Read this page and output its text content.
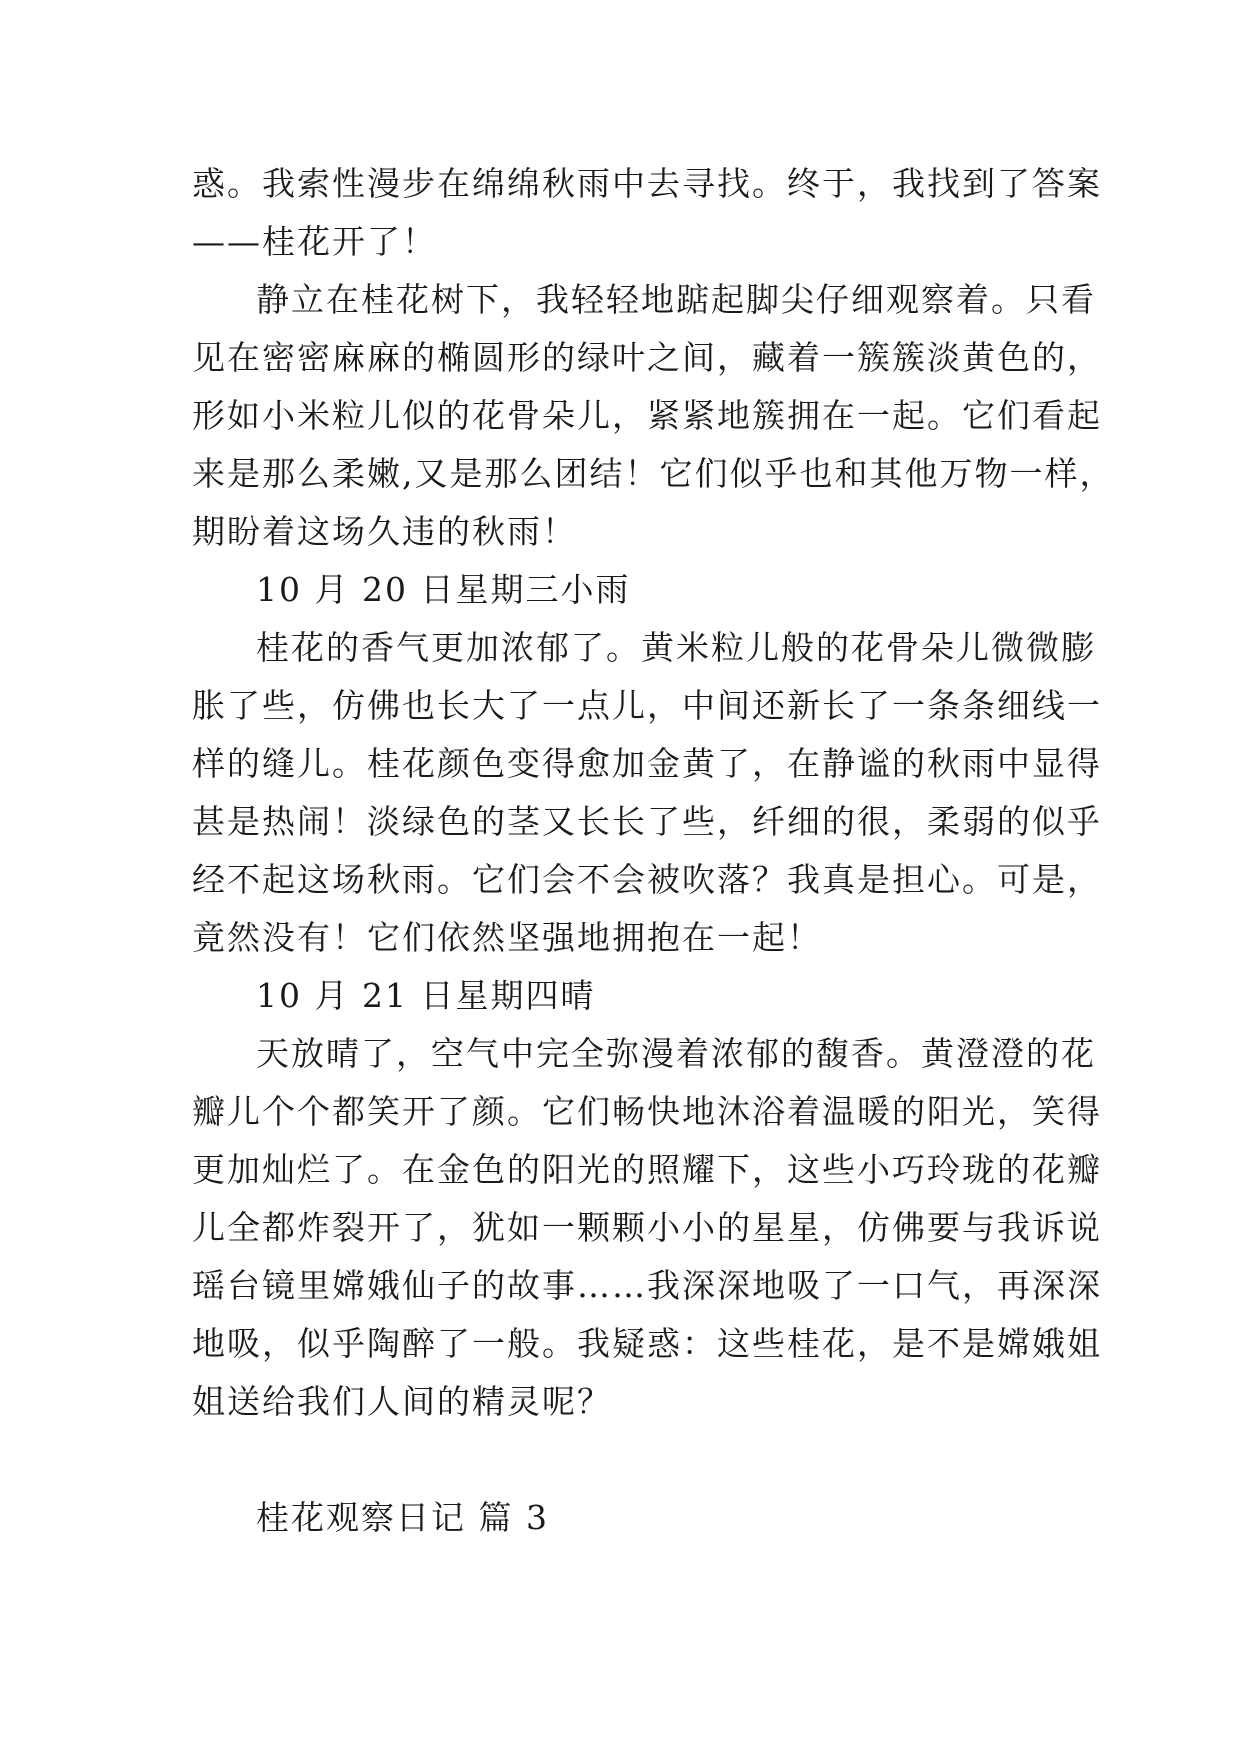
惑。我索性漫步在绵绵秋雨中去寻找。终于，我找到了答案
——桂花开了！
静立在桂花树下，我轻轻地踮起脚尖仔细观察着。只看
见在密密麻麻的椭圆形的绿叶之间，藏着一簇簇淡黄色的，
形如小米粒儿似的花骨朵儿，紧紧地簇拥在一起。它们看起
来是那么柔嫩,又是那么团结！它们似乎也和其他万物一样，
期盼着这场久违的秋雨！
10 月 20 日星期三小雨
桂花的香气更加浓郁了。黄米粒儿般的花骨朵儿微微膨
胀了些，仿佛也长大了一点儿，中间还新长了一条条细线一
样的缝儿。桂花颜色变得愈加金黄了，在静谧的秋雨中显得
甚是热闹！淡绿色的茎又长长了些，纤细的很，柔弱的似乎
经不起这场秋雨。它们会不会被吹落？我真是担心。可是，
竟然没有！它们依然坚强地拥抱在一起！
10 月 21 日星期四晴
天放晴了，空气中完全弥漫着浓郁的馥香。黄澄澄的花
瓣儿个个都笑开了颜。它们畅快地沐浴着温暖的阳光，笑得
更加灿烂了。在金色的阳光的照耀下，这些小巧玲珑的花瓣
儿全都炸裂开了，犹如一颗颗小小的星星，仿佛要与我诉说
瑶台镜里嫦娥仙子的故事……我深深地吸了一口气，再深深
地吸，似乎陶醉了一般。我疑惑：这些桂花，是不是嫦娥姐
姐送给我们人间的精灵呢？
桂花观察日记 篇 3
